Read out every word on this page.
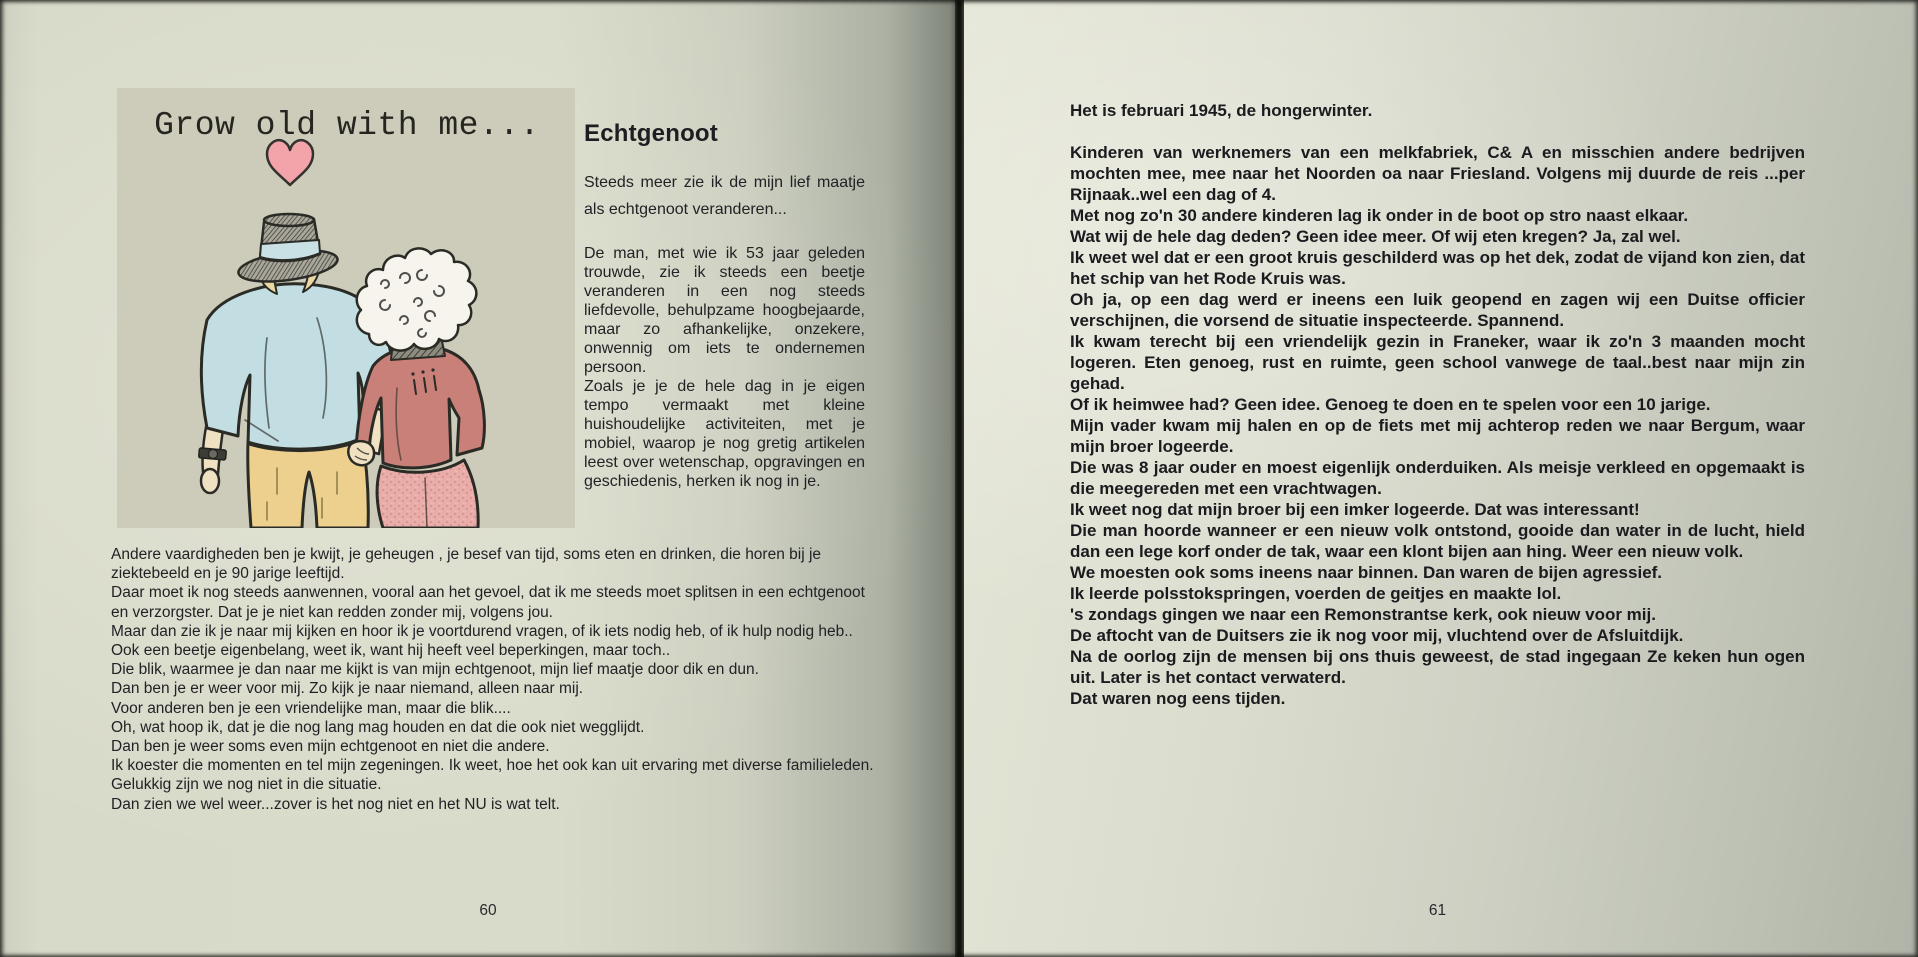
Grow old with me... Echtgenoot

Steeds meer zie ik de mijn lief maatje als echtgenoot veranderen...

De man, met wie ik 53 jaar geleden trouwde, zie ik steeds een beetje veranderen in een nog steeds liefdevolle, behulpzame hoogbejaarde, maar zo afhankelijke, onzekere, onwennig om iets te ondernemen persoon.

Zoals je je de hele dag in je eigen tempo vermaakt met kleine huishoudelijke activiteiten, met je mobiel, waarop je nog gretig artikelen leest over wetenschap, opgravingen en geschiedenis, herken ik nog in je.

Andere vaardigheden ben je kwijt, je geheugen , je besef van tijd, soms eten en drinken, die horen bij je ziektebeeld en je 90 jarige leeftijd.
Daar moet ik nog steeds aanwennen, vooral aan het gevoel, dat ik me steeds moet splitsen in een echtgenoot en verzorgster. Dat je je niet kan redden zonder mij, volgens jou.
Maar dan zie ik je naar mij kijken en hoor ik je voortdurend vragen, of ik iets nodig heb, of ik hulp nodig heb.. Ook een beetje eigenbelang, weet ik, want hij heeft veel beperkingen, maar toch..
Die blik, waarmee je dan naar me kijkt is van mijn echtgenoot, mijn lief maatje door dik en dun.
Dan ben je er weer voor mij. Zo kijk je naar niemand, alleen naar mij.
Voor anderen ben je een vriendelijke man, maar die blik....
Oh, wat hoop ik, dat je die nog lang mag houden en dat die ook niet wegglijdt.
Dan ben je weer soms even mijn echtgenoot en niet die andere.
Ik koester die momenten en tel mijn zegeningen. Ik weet, hoe het ook kan uit ervaring met diverse familieleden.
Gelukkig zijn we nog niet in die situatie.
Dan zien we wel weer...zover is het nog niet en het NU is wat telt.
60
Het is februari 1945, de hongerwinter.

Kinderen van werknemers van een melkfabriek, C& A en misschien andere bedrijven mochten mee, mee naar het Noorden oa naar Friesland. Volgens mij duurde de reis ...per Rijnaak..wel een dag of 4.
Met nog zo'n 30 andere kinderen lag ik onder in de boot op stro naast elkaar.
Wat wij de hele dag deden? Geen idee meer. Of wij eten kregen? Ja, zal wel.
Ik weet wel dat er een groot kruis geschilderd was op het dek, zodat de vijand kon zien, dat het schip van het Rode Kruis was.
Oh ja, op een dag werd er ineens een luik geopend en zagen wij een Duitse officier verschijnen, die vorsend de situatie inspecteerde. Spannend.
Ik kwam terecht bij een vriendelijk gezin in Franeker, waar ik zo'n 3 maanden mocht logeren. Eten genoeg, rust en ruimte, geen school vanwege de taal..best naar mijn zin gehad.
Of ik heimwee had? Geen idee. Genoeg te doen en te spelen voor een 10 jarige.
Mijn vader kwam mij halen en op de fiets met mij achterop reden we naar Bergum, waar mijn broer logeerde.
Die was 8 jaar ouder en moest eigenlijk onderduiken. Als meisje verkleed en opgemaakt is die meegereden met een vrachtwagen.
Ik weet nog dat mijn broer bij een imker logeerde. Dat was interessant!
Die man hoorde wanneer er een nieuw volk ontstond, gooide dan water in de lucht, hield dan een lege korf onder de tak, waar een klont bijen aan hing. Weer een nieuw volk.
We moesten ook soms ineens naar binnen. Dan waren de bijen agressief.
Ik leerde polsstokspringen, voerden de geitjes en maakte lol.
's zondags gingen we naar een Remonstrantse kerk, ook nieuw voor mij.
De aftocht van de Duitsers zie ik nog voor mij, vluchtend over de Afsluitdijk.
Na de oorlog zijn de mensen bij ons thuis geweest, de stad ingegaan Ze keken hun ogen uit. Later is het contact verwaterd.
Dat waren nog eens tijden.
61
